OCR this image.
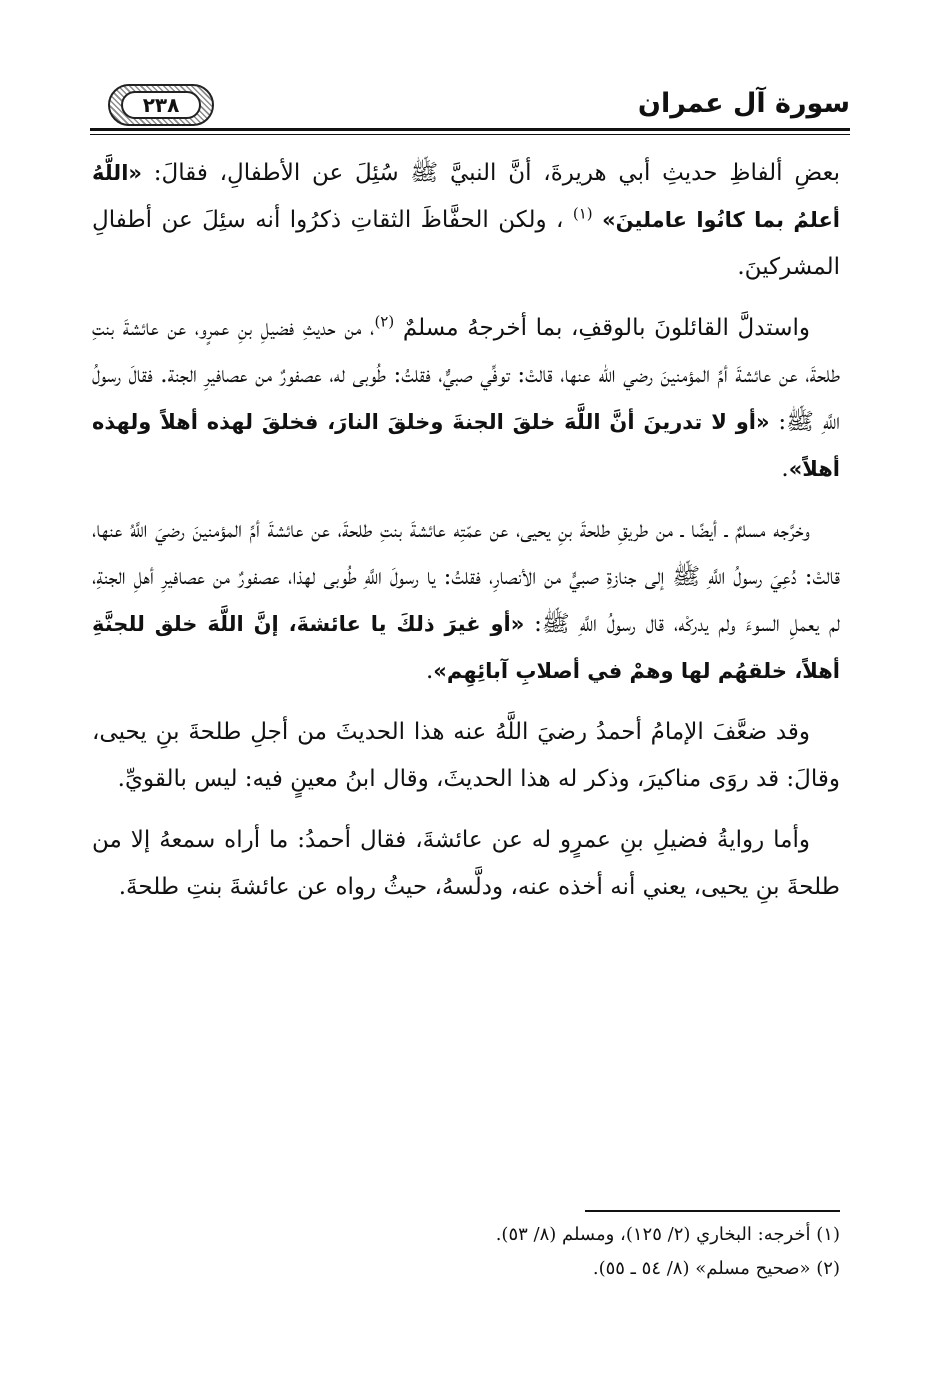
سورة آل عمران
٢٣٨

بعضِ ألفاظِ حديثِ أبي هريرةَ، أنَّ النبيَّ ﷺ سُئِلَ عن الأطفالِ، فقالَ: «اللَّهُ أعلمُ بما كانُوا عاملينَ» $^{(١)}$ ، ولكن الحفَّاظَ الثقاتِ ذكرُوا أنه سئِلَ عن أطفالِ المشركينَ.

واستدلَّ القائلونَ بالوقفِ، بما أخرجهُ مسلمٌ $^{(٢)}$، من حديثِ فضيلِ بنِ عمرٍو، عن عائشةَ بنتِ طلحةَ، عن عائشةَ أمِّ المؤمنينَ رضي الله عنها، قالتْ: توفِّي صبيٌّ، فقلتُ: طُوبى له، عصفورٌ من عصافيرِ الجنة. فقالَ رسولُ اللَّهِ ﷺ: «أو لا تدرينَ أنَّ اللَّهَ خلقَ الجنةَ وخلقَ النارَ، فخلقَ لهذه أهلاً ولهذه أهلاً».

وخرَّجه مسلمٌ ـ أيضًا ـ من طريقِ طلحةَ بنِ يحيى، عن عمّتِه عائشةَ بنتِ طلحةَ، عن عائشةَ أمِّ المؤمنينَ رضيَ اللَّهُ عنها، قالتْ: دُعِيَ رسولُ اللَّهِ ﷺ إلى جنازةِ صبيٍّ من الأنصارِ، فقلتُ: يا رسولَ اللَّهِ طُوبى لهذا، عصفورٌ من عصافيرِ أهلِ الجنةِ، لم يعملِ السوءَ ولم يدركْه، قال رسولُ اللَّهِ ﷺ: «أو غيرَ ذلكَ يا عائشةَ، إنَّ اللَّهَ خلق للجنَّةِ أهلاً، خلقهُم لها وهمْ في أصلابِ آبائِهِم».

وقد ضعَّفَ الإمامُ أحمدُ رضيَ اللَّهُ عنه هذا الحديثَ من أجلِ طلحةَ بنِ يحيى، وقالَ: قد روَى مناكيرَ، وذكر له هذا الحديثَ، وقال ابنُ معينٍ فيه: ليس بالقويِّ.

وأما روايةُ فضيلِ بنِ عمرٍو له عن عائشةَ، فقال أحمدُ: ما أراه سمعهُ إلا من طلحةَ بنِ يحيى، يعني أنه أخذه عنه، ودلَّسهُ، حيثُ رواه عن عائشةَ بنتِ طلحةَ.

(١) أخرجه: البخاري (٢/ ١٢٥)، ومسلم (٨/ ٥٣).
(٢) «صحيح مسلم» (٨/ ٥٤ ـ ٥٥).
